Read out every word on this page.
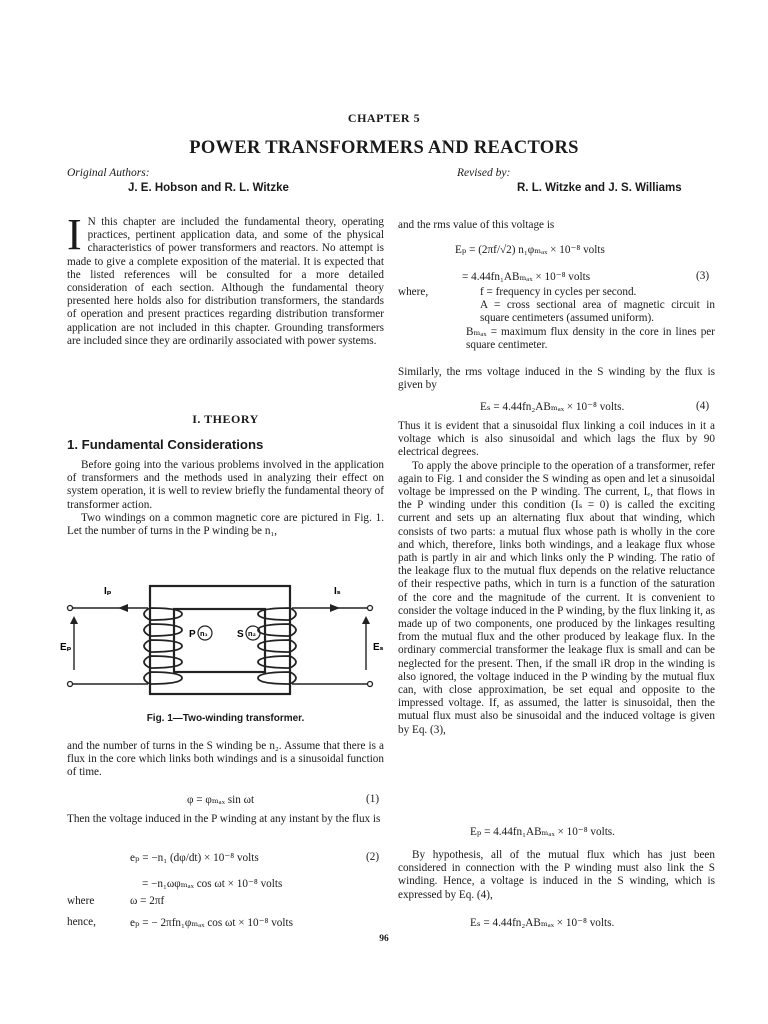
CHAPTER 5
POWER TRANSFORMERS AND REACTORS
Original Authors:
J. E. Hobson and R. L. Witzke
Revised by:
R. L. Witzke and J. S. Williams
I N this chapter are included the fundamental theory, operating practices, pertinent application data, and some of the physical characteristics of power transformers and reactors. No attempt is made to give a complete exposition of the material. It is expected that the listed references will be consulted for a more detailed consideration of each section. Although the fundamental theory presented here holds also for distribution transformers, the standards of operation and present practices regarding distribution transformer application are not included in this chapter. Grounding transformers are included since they are ordinarily associated with power systems.
I. THEORY
1. Fundamental Considerations

Before going into the various problems involved in the application of transformers and the methods used in analyzing their effect on system operation, it is well to review briefly the fundamental theory of transformer action.

Two windings on a common magnetic core are pictured in Fig. 1. Let the number of turns in the P winding be n₁,

Iₚ	Iₛ
Eₚ	Eₛ
P n₁	S n₂
Fig. 1—Two-winding transformer.

and the number of turns in the S winding be n₂. Assume that there is a flux in the core which links both windings and is a sinusoidal function of time.

φ = φₘₐₓ sin ωt	(1)

Then the voltage induced in the P winding at any instant by the flux is

eₚ = −n₁ (dφ/dt) × 10⁻⁸ volts	(2)
= −n₁ωφₘₐₓ cos ωt × 10⁻⁸ volts
where	ω = 2πf
hence,	eₚ = − 2πfn₁φₘₐₓ cos ωt × 10⁻⁸ volts

and the rms value of this voltage is

Eₚ = (2πf/√2) n₁φₘₐₓ × 10⁻⁸ volts
= 4.44fn₁ABₘₐₓ × 10⁻⁸ volts	(3)
where,	f = frequency in cycles per second.

A = cross sectional area of magnetic circuit in square centimeters (assumed uniform).

Bₘₐₓ = maximum flux density in the core in lines per square centimeter.

Similarly, the rms voltage induced in the S winding by the flux is given by

Eₛ = 4.44fn₂ABₘₐₓ × 10⁻⁸ volts.	(4)

Thus it is evident that a sinusoidal flux linking a coil induces in it a voltage which is also sinusoidal and which lags the flux by 90 electrical degrees.

To apply the above principle to the operation of a transformer, refer again to Fig. 1 and consider the S winding as open and let a sinusoidal voltage be impressed on the P winding. The current, Iₑ, that flows in the P winding under this condition (Iₛ = 0) is called the exciting current and sets up an alternating flux about that winding, which consists of two parts: a mutual flux whose path is wholly in the core and which, therefore, links both windings, and a leakage flux whose path is partly in air and which links only the P winding. The ratio of the leakage flux to the mutual flux depends on the relative reluctance of their respective paths, which in turn is a function of the saturation of the core and the magnitude of the current. It is convenient to consider the voltage induced in the P winding, by the flux linking it, as made up of two components, one produced by the linkages resulting from the mutual flux and the other produced by leakage flux. In the ordinary commercial transformer the leakage flux is small and can be neglected for the present. Then, if the small iR drop in the winding is also ignored, the voltage induced in the P winding by the mutual flux can, with close approximation, be set equal and opposite to the impressed voltage. If, as assumed, the latter is sinusoidal, then the mutual flux must also be sinusoidal and the induced voltage is given by Eq. (3),

Eₚ = 4.44fn₁ABₘₐₓ × 10⁻⁸ volts.

By hypothesis, all of the mutual flux which has just been considered in connection with the P winding must also link the S winding. Hence, a voltage is induced in the S winding, which is expressed by Eq. (4),

Eₛ = 4.44fn₂ABₘₐₓ × 10⁻⁸ volts.
96
